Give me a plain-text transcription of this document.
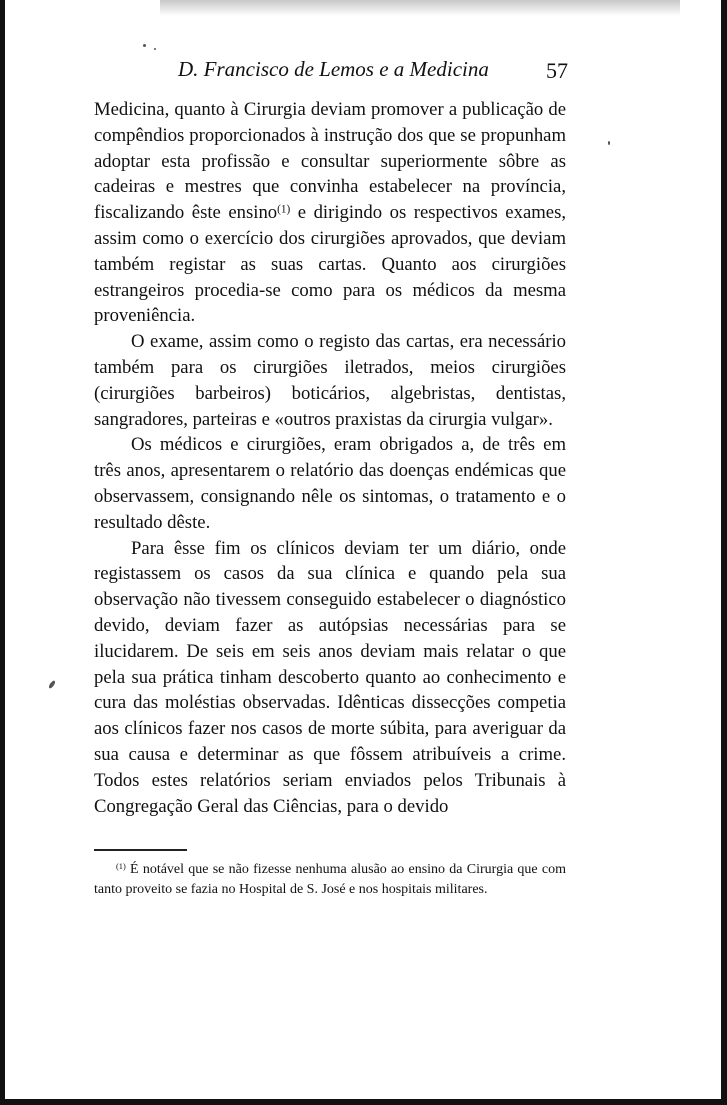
D. Francisco de Lemos e a Medicina	57

Medicina, quanto à Cirurgia deviam promover a publicação de compêndios proporcionados à instrução dos que se propunham adoptar esta profissão e consultar superiormente sôbre as cadeiras e mestres que convinha estabelecer na província, fiscalizando êste ensino$^{(1)}$ e dirigindo os respectivos exames, assim como o exercício dos cirurgiões aprovados, que deviam também registar as suas cartas. Quanto aos cirurgiões estrangeiros procedia-se como para os médicos da mesma proveniência.

O exame, assim como o registo das cartas, era necessário também para os cirurgiões iletrados, meios cirurgiões (cirurgiões barbeiros) boticários, algebristas, dentistas, sangradores, parteiras e «outros praxistas da cirurgia vulgar».

Os médicos e cirurgiões, eram obrigados a, de três em três anos, apresentarem o relatório das doenças endémicas que observassem, consignando nêle os sintomas, o tratamento e o resultado dêste.

Para êsse fim os clínicos deviam ter um diário, onde registassem os casos da sua clínica e quando pela sua observação não tivessem conseguido estabelecer o diagnóstico devido, deviam fazer as autópsias necessárias para se ilucidarem. De seis em seis anos deviam mais relatar o que pela sua prática tinham descoberto quanto ao conhecimento e cura das moléstias observadas. Idênticas dissecções competia aos clínicos fazer nos casos de morte súbita, para averiguar da sua causa e determinar as que fôssem atribuíveis a crime. Todos estes relatórios seriam enviados pelos Tribunais à Congregação Geral das Ciências, para o devido

$^{(1)}$ É notável que se não fizesse nenhuma alusão ao ensino da Cirurgia que com tanto proveito se fazia no Hospital de S. José e nos hospitais militares.
